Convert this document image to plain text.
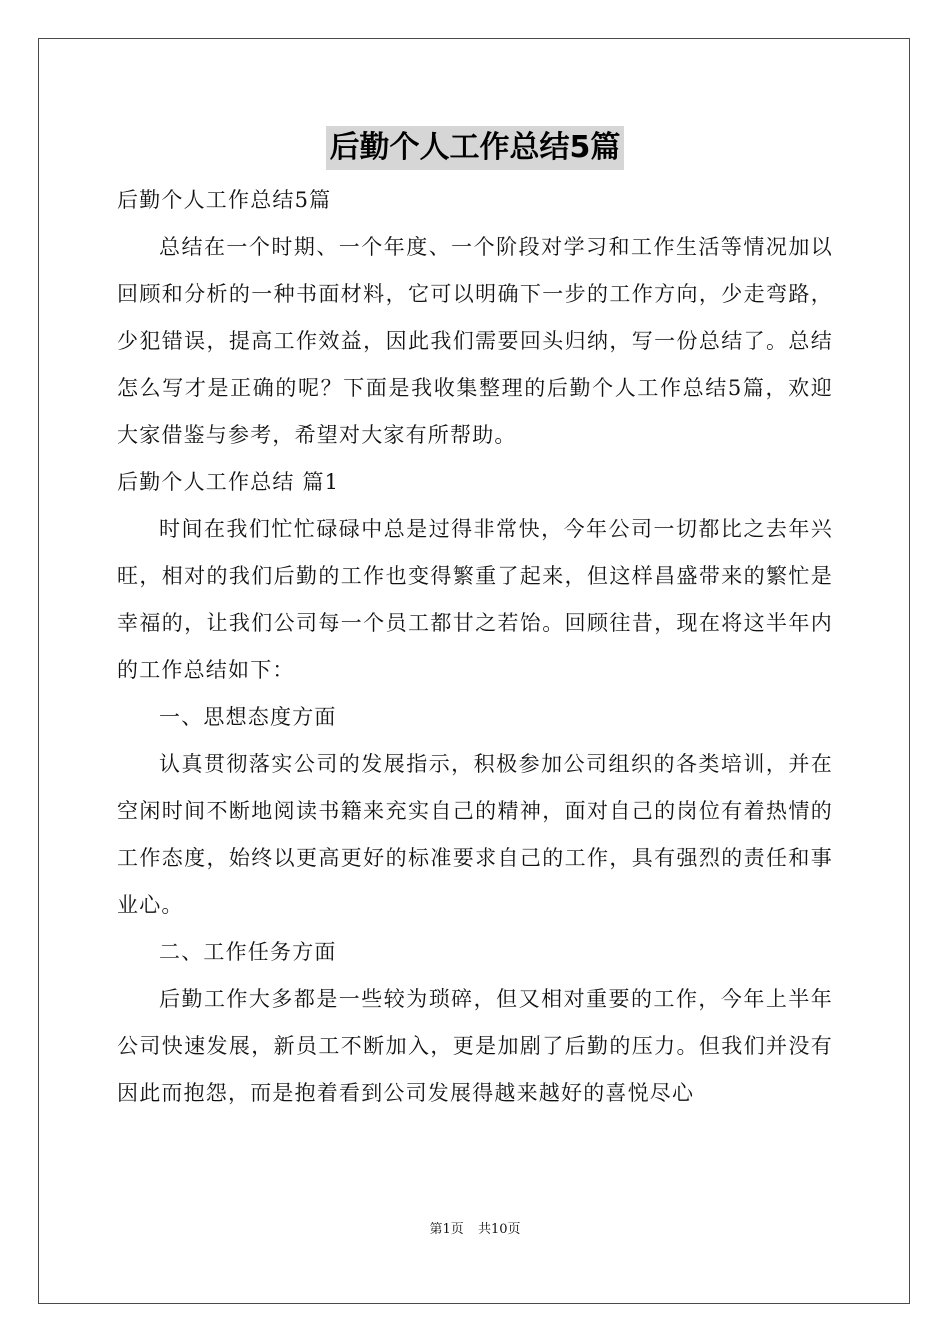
后勤个人工作总结5篇
后勤个人工作总结5篇

总结在一个时期、一个年度、一个阶段对学习和工作生活等情况加以回顾和分析的一种书面材料，它可以明确下一步的工作方向，少走弯路，少犯错误，提高工作效益，因此我们需要回头归纳，写一份总结了。总结怎么写才是正确的呢？下面是我收集整理的后勤个人工作总结5篇，欢迎大家借鉴与参考，希望对大家有所帮助。

后勤个人工作总结 篇1

时间在我们忙忙碌碌中总是过得非常快，今年公司一切都比之去年兴旺，相对的我们后勤的工作也变得繁重了起来，但这样昌盛带来的繁忙是幸福的，让我们公司每一个员工都甘之若饴。回顾往昔，现在将这半年内的工作总结如下：

一、思想态度方面

认真贯彻落实公司的发展指示，积极参加公司组织的各类培训，并在空闲时间不断地阅读书籍来充实自己的精神，面对自己的岗位有着热情的工作态度，始终以更高更好的标准要求自己的工作，具有强烈的责任和事业心。

二、工作任务方面

后勤工作大多都是一些较为琐碎，但又相对重要的工作，今年上半年公司快速发展，新员工不断加入，更是加剧了后勤的压力。但我们并没有因此而抱怨，而是抱着看到公司发展得越来越好的喜悦尽心

第1页 共10页
